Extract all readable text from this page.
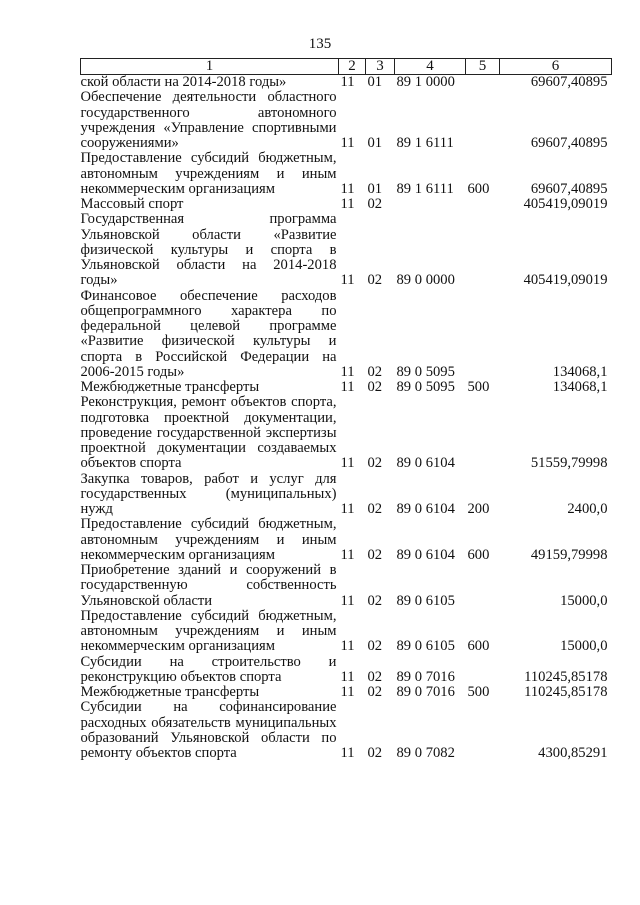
135
1	2	3	4	5	6
ской области на 2014-2018 годы»	11	01	89 1 0000		69607,40895
Обеспечение деятельности областного государственного автономного учреждения «Управление спортивными сооружениями»	11	01	89 1 6111		69607,40895
Предоставление субсидий бюджетным, автономным учреждениям и иным некоммерческим организациям	11	01	89 1 6111	600	69607,40895
Массовый спорт	11	02			405419,09019
Государственная программа Ульяновской области «Развитие физической культуры и спорта в Ульяновской области на 2014-2018 годы»	11	02	89 0 0000		405419,09019
Финансовое обеспечение расходов общепрограммного характера по федеральной целевой программе «Развитие физической культуры и спорта в Российской Федерации на 2006-2015 годы»	11	02	89 0 5095		134068,1
Межбюджетные трансферты	11	02	89 0 5095	500	134068,1
Реконструкция, ремонт объектов спорта, подготовка проектной документации, проведение государственной экспертизы проектной документации создаваемых объектов спорта	11	02	89 0 6104		51559,79998
Закупка товаров, работ и услуг для государственных (муниципальных) нужд	11	02	89 0 6104	200	2400,0
Предоставление субсидий бюджетным, автономным учреждениям и иным некоммерческим организациям	11	02	89 0 6104	600	49159,79998
Приобретение зданий и сооружений в государственную собственность Ульяновской области	11	02	89 0 6105		15000,0
Предоставление субсидий бюджетным, автономным учреждениям и иным некоммерческим организациям	11	02	89 0 6105	600	15000,0
Субсидии на строительство и реконструкцию объектов спорта	11	02	89 0 7016		110245,85178
Межбюджетные трансферты	11	02	89 0 7016	500	110245,85178
Субсидии на софинансирование расходных обязательств муниципальных образований Ульяновской области по ремонту объектов спорта	11	02	89 0 7082		4300,85291
